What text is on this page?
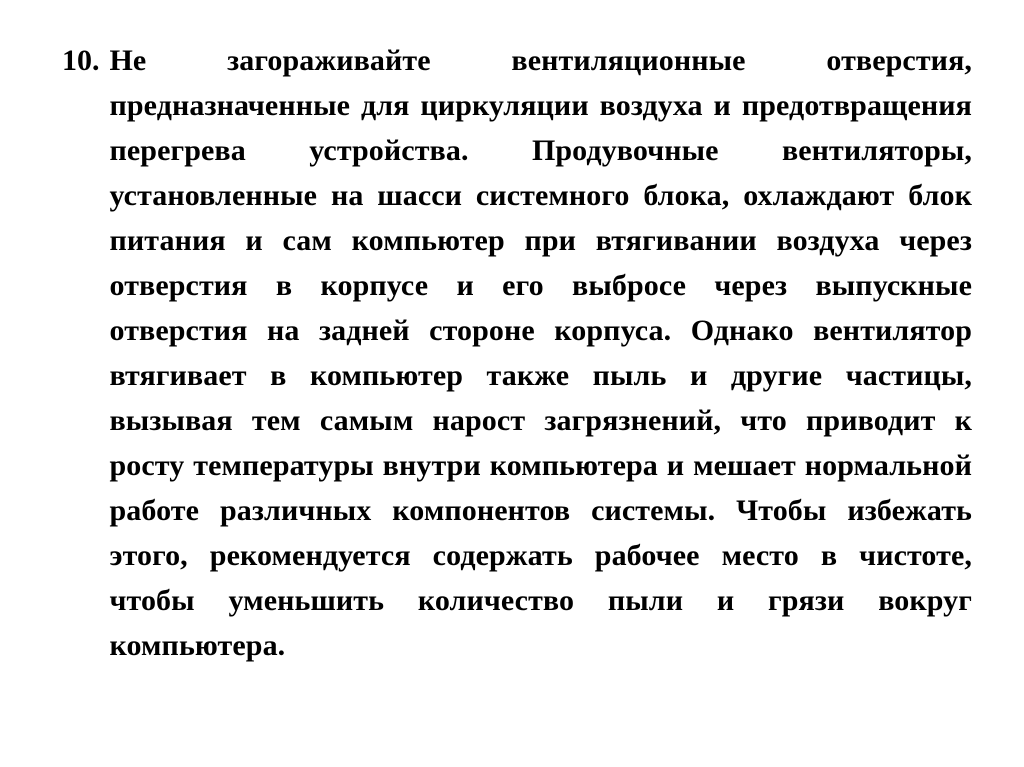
10. Не загораживайте вентиляционные отверстия, предназначенные для циркуляции воздуха и предотвращения перегрева устройства. Продувочные вентиляторы, установленные на шасси системного блока, охлаждают блок питания и сам компьютер при втягивании воздуха через отверстия в корпусе и его выбросе через выпускные отверстия на задней стороне корпуса. Однако вентилятор втягивает в компьютер также пыль и другие частицы, вызывая тем самым нарост загрязнений, что приводит к росту температуры внутри компьютера и мешает нормальной работе различных компонентов системы. Чтобы избежать этого, рекомендуется содержать рабочее место в чистоте, чтобы уменьшить количество пыли и грязи вокруг компьютера.
